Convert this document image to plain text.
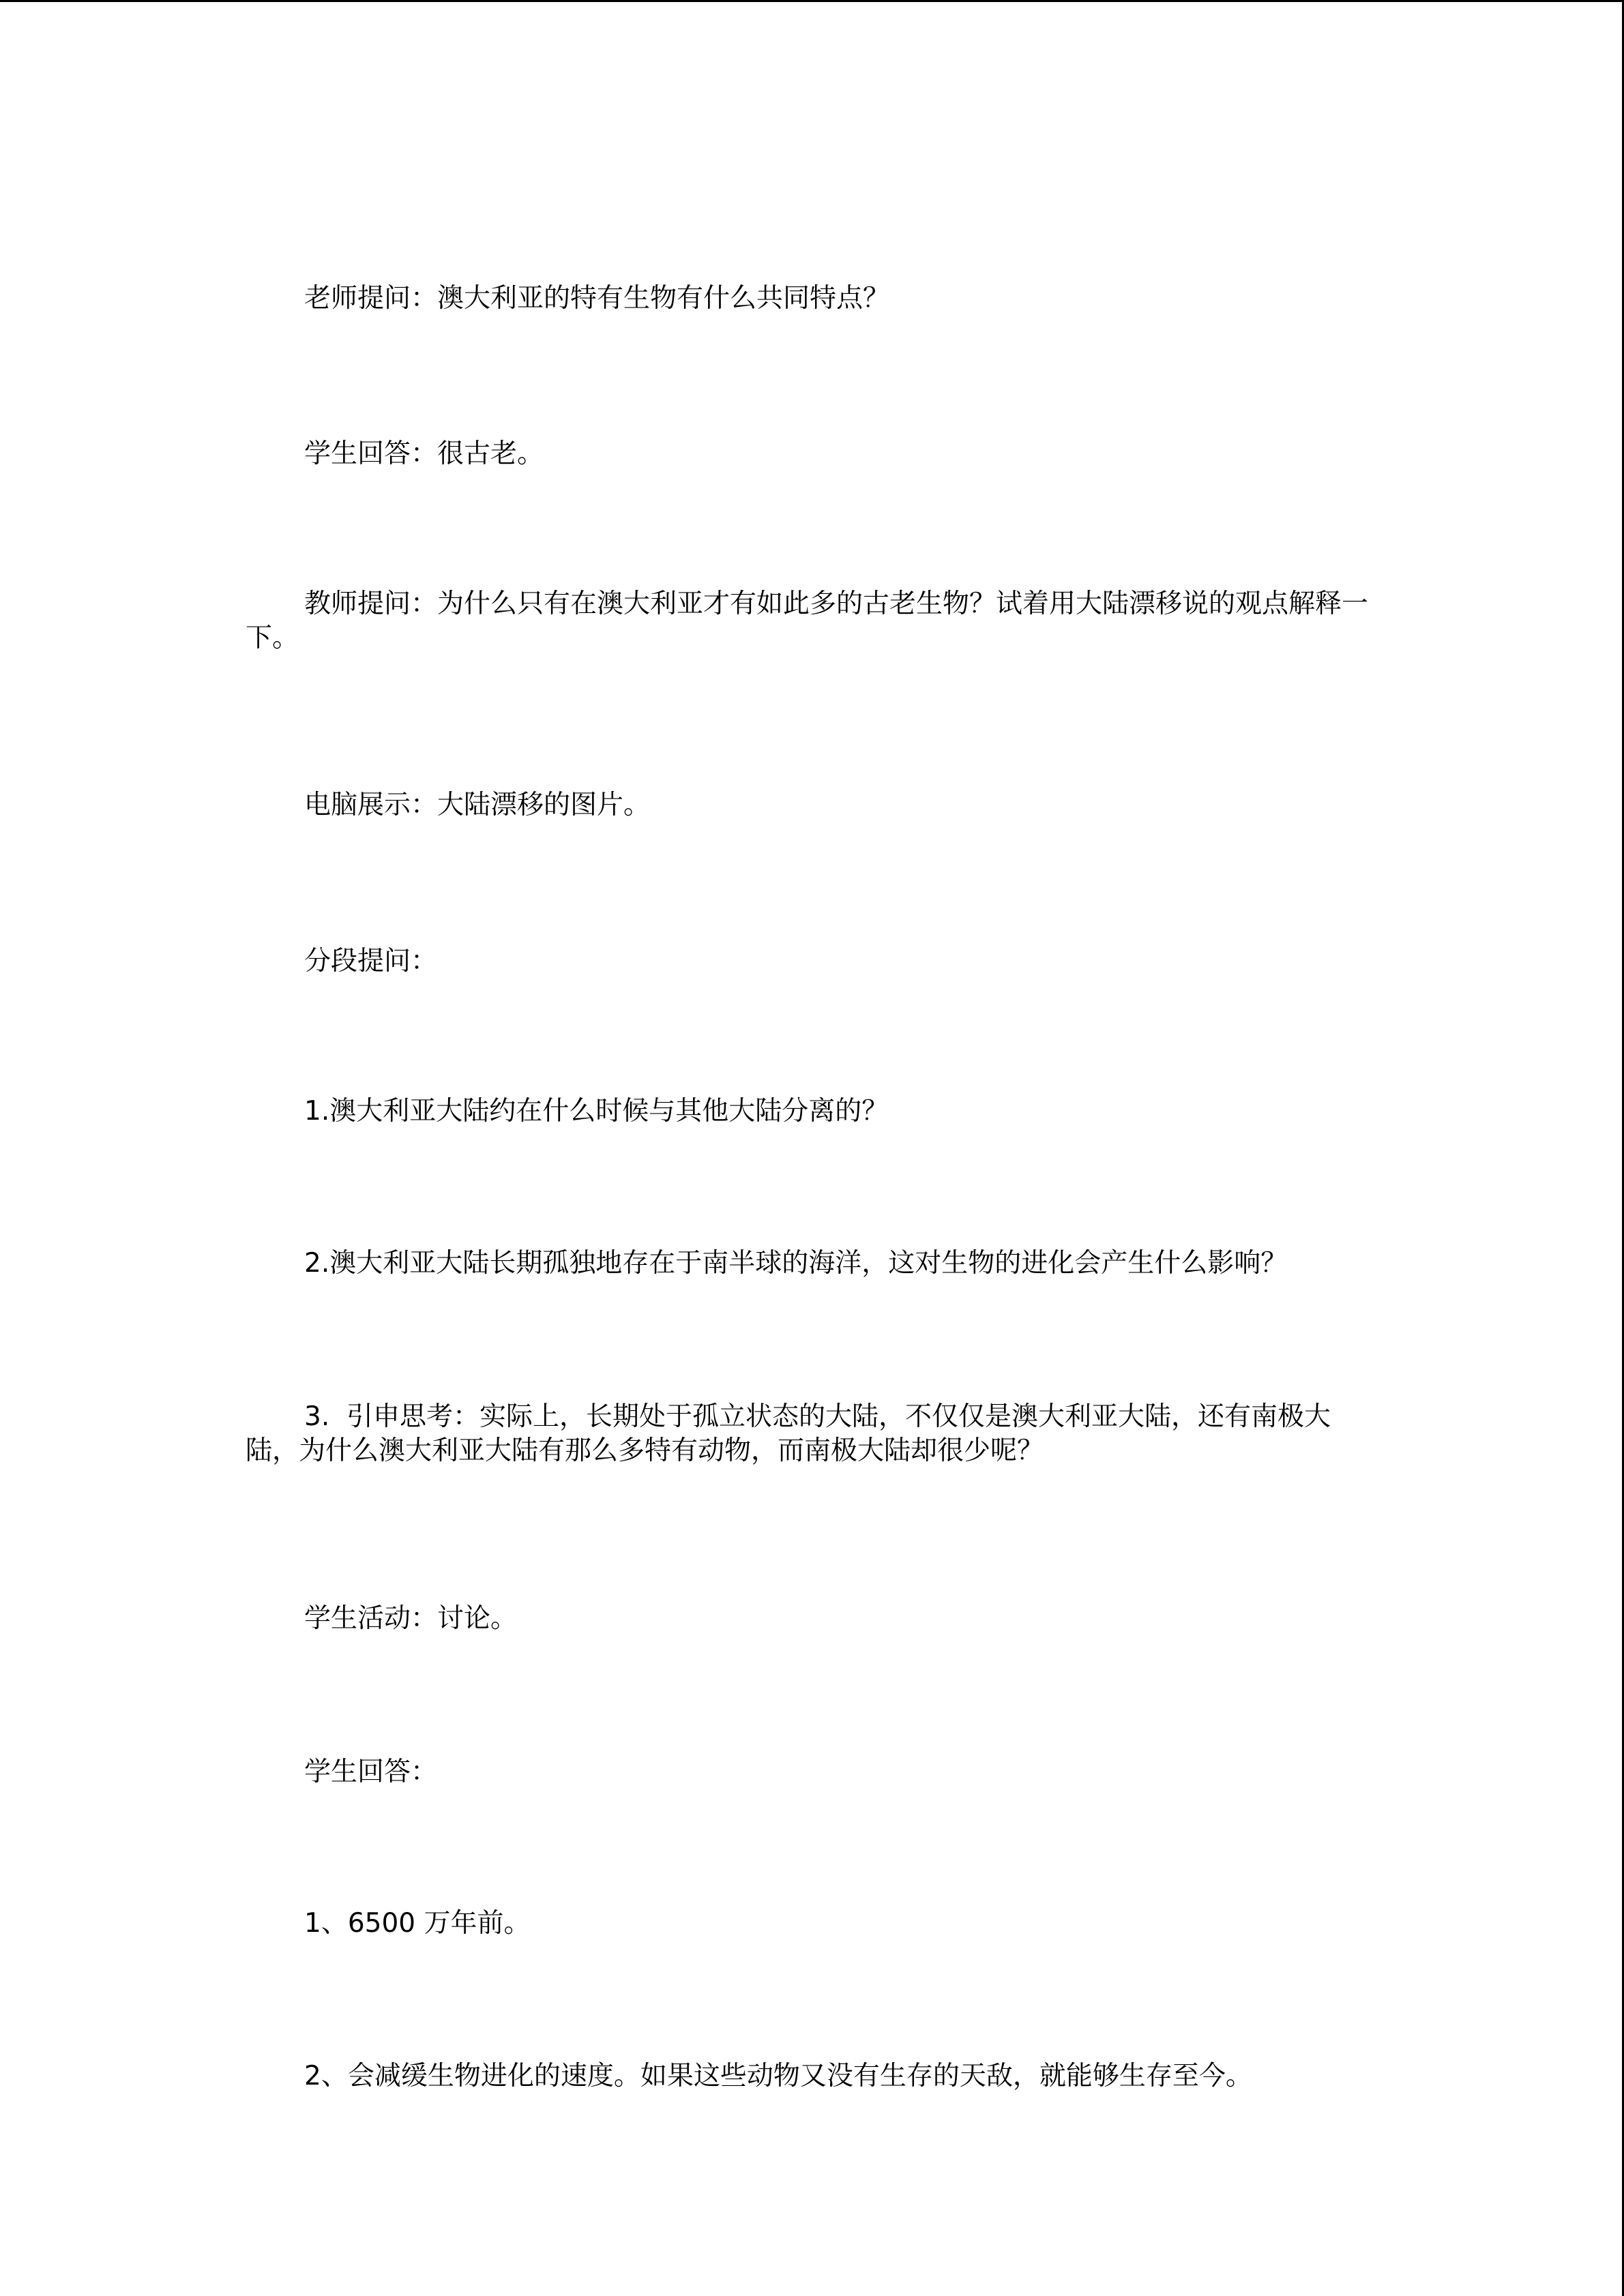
老师提问：澳大利亚的特有生物有什么共同特点？

学生回答：很古老。

教师提问：为什么只有在澳大利亚才有如此多的古老生物？试着用大陆漂移说的观点解释一下。

电脑展示：大陆漂移的图片。

分段提问：

1.澳大利亚大陆约在什么时候与其他大陆分离的？

2.澳大利亚大陆长期孤独地存在于南半球的海洋，这对生物的进化会产生什么影响？

3.  引申思考：实际上，长期处于孤立状态的大陆，不仅仅是澳大利亚大陆，还有南极大陆，为什么澳大利亚大陆有那么多特有动物，而南极大陆却很少呢？

学生活动：讨论。

学生回答：

1、6500 万年前。

2、会减缓生物进化的速度。如果这些动物又没有生存的天敌，就能够生存至今。
